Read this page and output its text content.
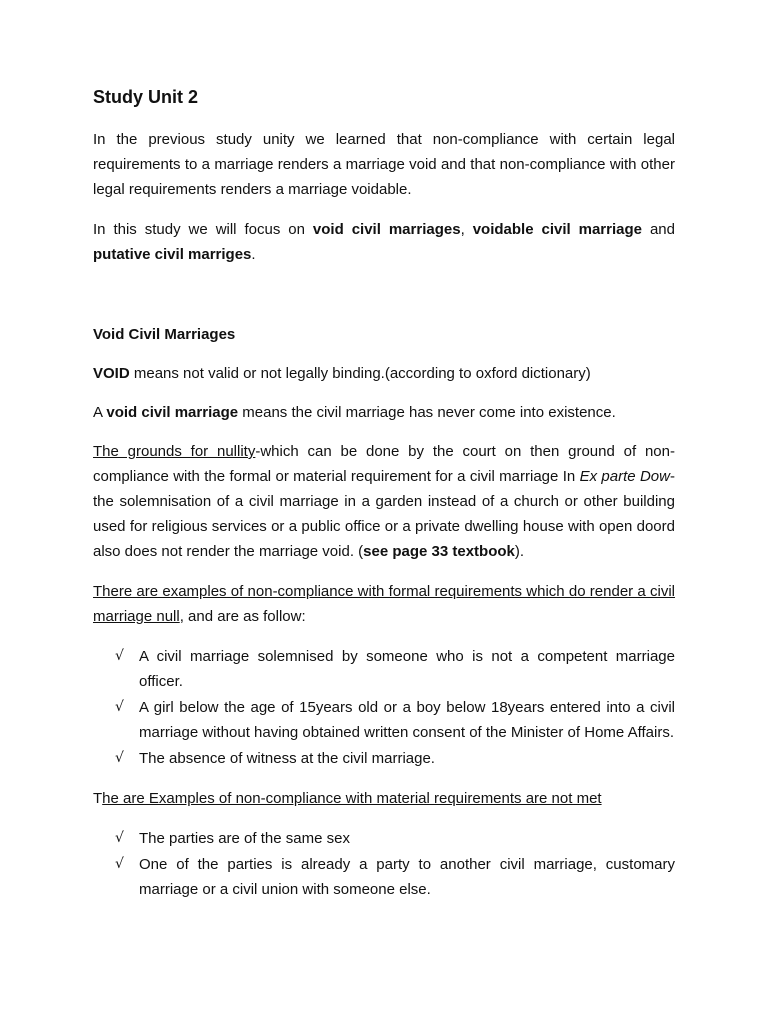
Study Unit 2

In the previous study unity we learned that non-compliance with certain legal requirements to a marriage renders a marriage void and that non-compliance with other legal requirements renders a marriage voidable.

In this study we will focus on void civil marriages, voidable civil marriage and putative civil marriges.

Void Civil Marriages

VOID means not valid or not legally binding.(according to oxford dictionary)

A void civil marriage means the civil marriage has never come into existence.

The grounds for nullity-which can be done by the court on then ground of non-compliance with the formal or material requirement for a civil marriage In Ex parte Dow- the solemnisation of a civil marriage in a garden instead of a church or other building used for religious services or a public office or a private dwelling house with open doord also does not render the marriage void. (see page 33 textbook).

There are examples of non-compliance with formal requirements which do render a civil marriage null, and are as follow:

√ A civil marriage solemnised by someone who is not a competent marriage officer.
√ A girl below the age of 15years old or a boy below 18years entered into a civil marriage without having obtained written consent of the Minister of Home Affairs.
√ The absence of witness at the civil marriage.

The are Examples of non-compliance with material requirements are not met

√ The parties are of the same sex
√ One of the parties is already a party to another civil marriage, customary marriage or a civil union with someone else.
